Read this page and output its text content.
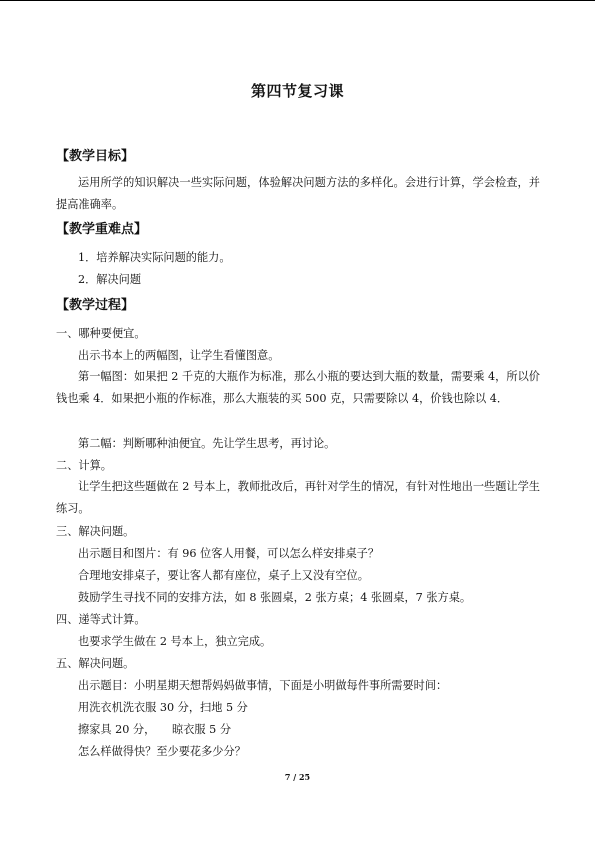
第四节复习课
【教学目标】
运用所学的知识解决一些实际问题，体验解决问题方法的多样化。会进行计算，学会检查，并提高准确率。
【教学重难点】
1．培养解决实际问题的能力。
2．解决问题
【教学过程】
一、哪种要便宜。
出示书本上的两幅图，让学生看懂图意。
第一幅图：如果把 2 千克的大瓶作为标准，那么小瓶的要达到大瓶的数量，需要乘 4，所以价钱也乘 4．如果把小瓶的作标准，那么大瓶装的买 500 克，只需要除以 4，价钱也除以 4．
第二幅：判断哪种油便宜。先让学生思考，再讨论。
二、计算。
让学生把这些题做在 2 号本上，教师批改后，再针对学生的情况，有针对性地出一些题让学生练习。
三、解决问题。
出示题目和图片：有 96 位客人用餐，可以怎么样安排桌子？
合理地安排桌子，要让客人都有座位，桌子上又没有空位。
鼓励学生寻找不同的安排方法，如 8 张圆桌，2 张方桌；4 张圆桌，7 张方桌。
四、递等式计算。
也要求学生做在 2 号本上，独立完成。
五、解决问题。
出示题目：小明星期天想帮妈妈做事情，下面是小明做每件事所需要时间：
用洗衣机洗衣服 30 分，扫地 5 分
擦家具 20 分，　　晾衣服 5 分
怎么样做得快？至少要花多少分？
7 / 25
